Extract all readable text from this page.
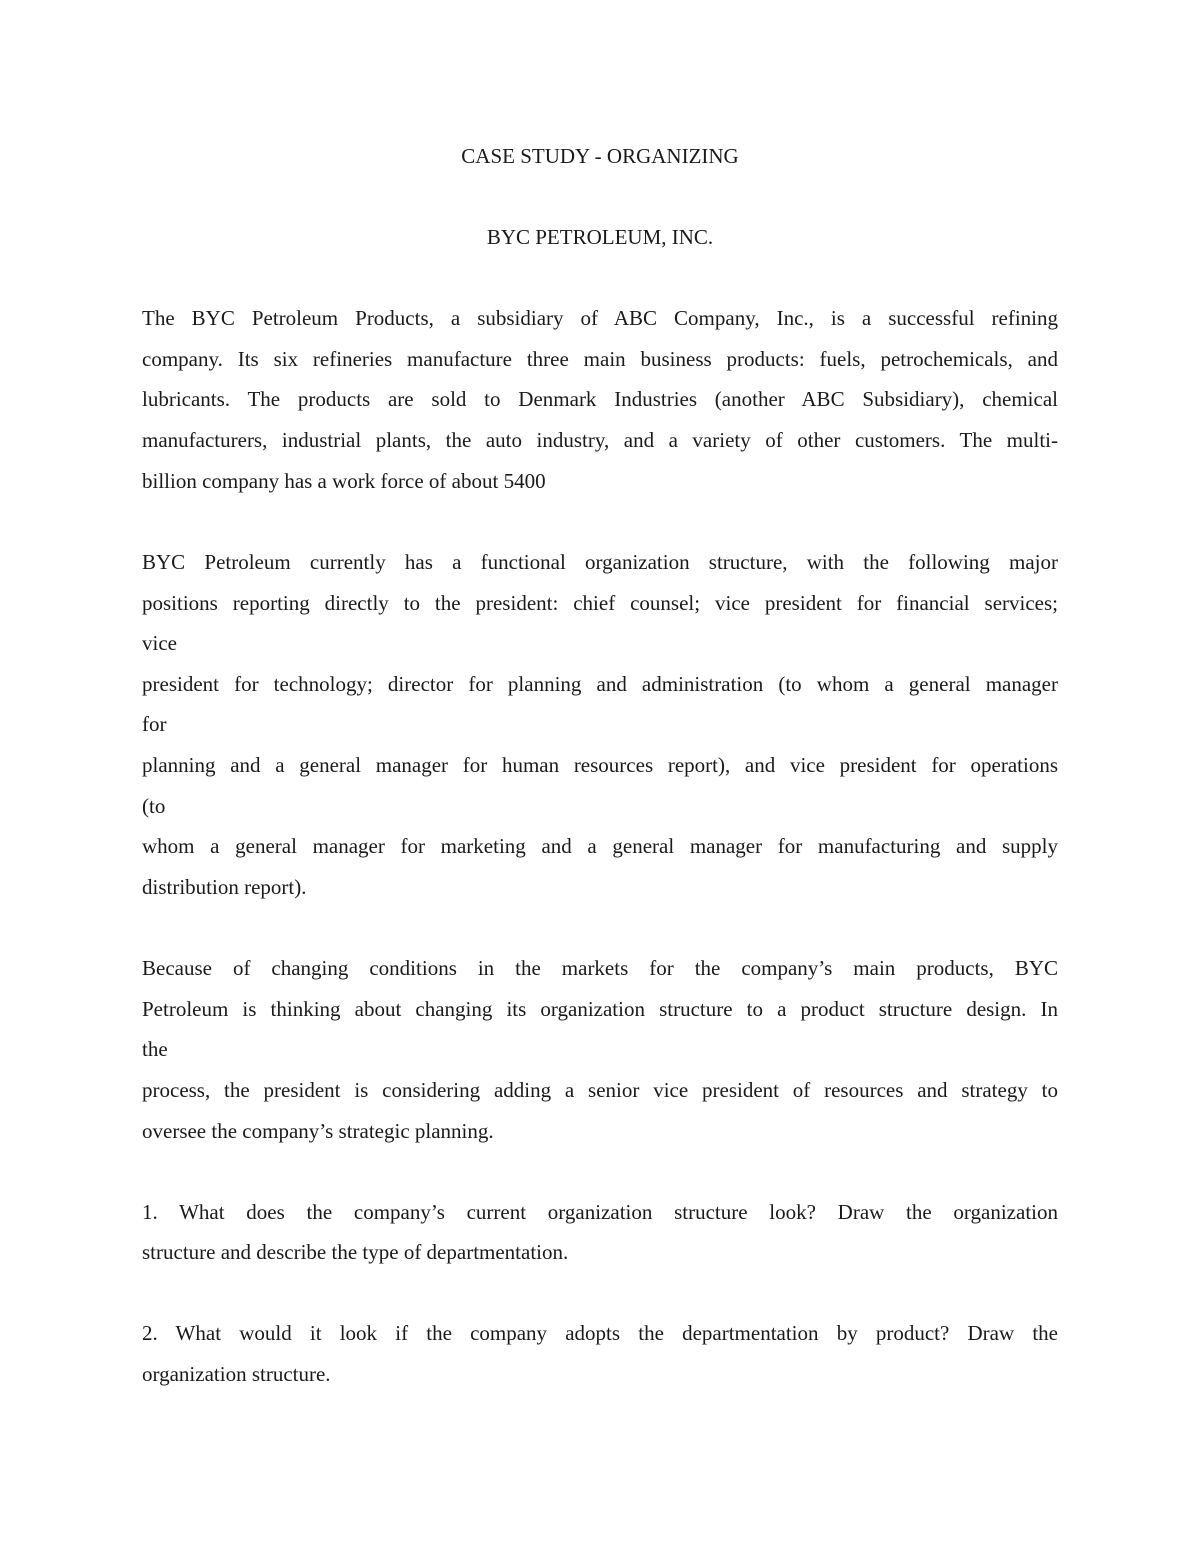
CASE STUDY - ORGANIZING
BYC PETROLEUM, INC.

The BYC Petroleum Products, a subsidiary of ABC Company, Inc., is a successful refining

company. Its six refineries manufacture three main business products: fuels, petrochemicals, and

lubricants. The products are sold to Denmark Industries (another ABC Subsidiary), chemical

manufacturers, industrial plants, the auto industry, and a variety of other customers. The multi-

billion company has a work force of about 5400

BYC Petroleum currently has a functional organization structure, with the following major

positions reporting directly to the president: chief counsel; vice president for financial services;

vice

president for technology; director for planning and administration (to whom a general manager

for

planning and a general manager for human resources report), and vice president for operations

(to

whom a general manager for marketing and a general manager for manufacturing and supply

distribution report).

Because of changing conditions in the markets for the company’s main products, BYC

Petroleum is thinking about changing its organization structure to a product structure design. In

the

process, the president is considering adding a senior vice president of resources and strategy to

oversee the company’s strategic planning.

1. What does the company’s current organization structure look? Draw the organization

structure and describe the type of departmentation.

2. What would it look if the company adopts the departmentation by product? Draw the

organization structure.
